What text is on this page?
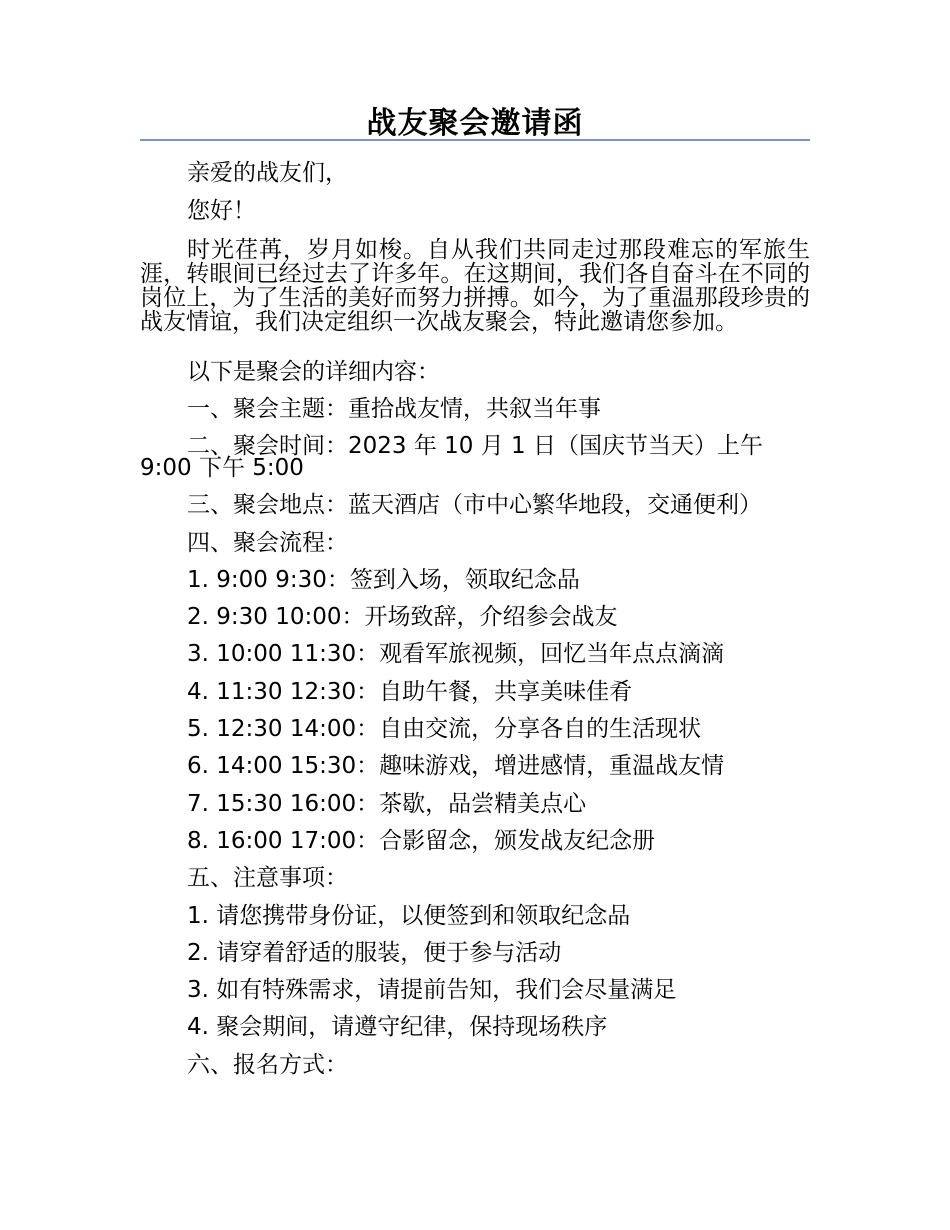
战友聚会邀请函
亲爱的战友们，
您好！
时光荏苒，岁月如梭。自从我们共同走过那段难忘的军旅生涯，转眼间已经过去了许多年。在这期间，我们各自奋斗在不同的岗位上，为了生活的美好而努力拼搏。如今，为了重温那段珍贵的战友情谊，我们决定组织一次战友聚会，特此邀请您参加。
以下是聚会的详细内容：
一、聚会主题：重拾战友情，共叙当年事
二、聚会时间：2023 年 10 月 1 日（国庆节当天）上午
9:00 下午 5:00
三、聚会地点：蓝天酒店（市中心繁华地段，交通便利）
四、聚会流程：
1. 9:00 9:30：签到入场，领取纪念品
2. 9:30 10:00：开场致辞，介绍参会战友
3. 10:00 11:30：观看军旅视频，回忆当年点点滴滴
4. 11:30 12:30：自助午餐，共享美味佳肴
5. 12:30 14:00：自由交流，分享各自的生活现状
6. 14:00 15:30：趣味游戏，增进感情，重温战友情
7. 15:30 16:00：茶歇，品尝精美点心
8. 16:00 17:00：合影留念，颁发战友纪念册
五、注意事项：
1. 请您携带身份证，以便签到和领取纪念品
2. 请穿着舒适的服装，便于参与活动
3. 如有特殊需求，请提前告知，我们会尽量满足
4. 聚会期间，请遵守纪律，保持现场秩序
六、报名方式：
